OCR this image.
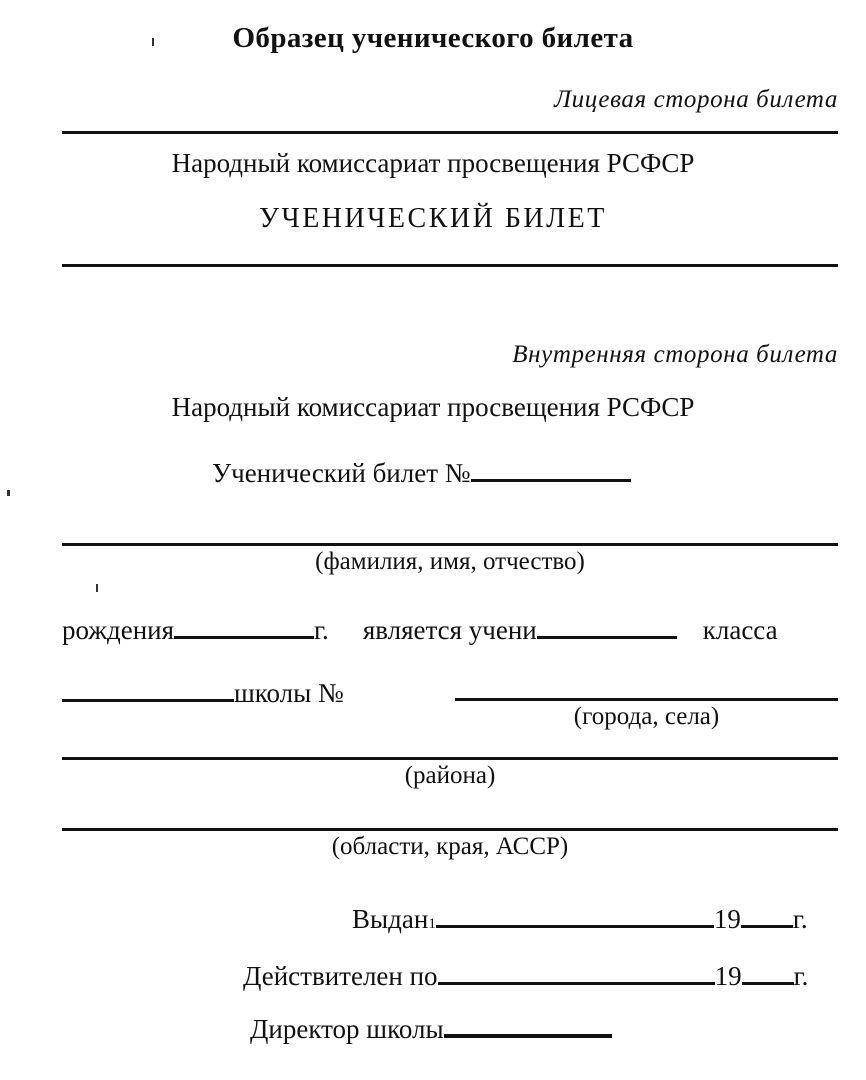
Образец ученического билета
Лицевая сторона билета
Народный комиссариат просвещения РСФСР
УЧЕНИЧЕСКИЙ БИЛЕТ
Внутренняя сторона билета
Народный комиссариат просвещения РСФСР
Ученический билет №
(фамилия, имя, отчество)
рождения	г. является учени	класса
школы №
(города, села)
(района)
(области, края, АССР)
Выдан 1	19 г.
Действителен по	19 г.
Директор школы
